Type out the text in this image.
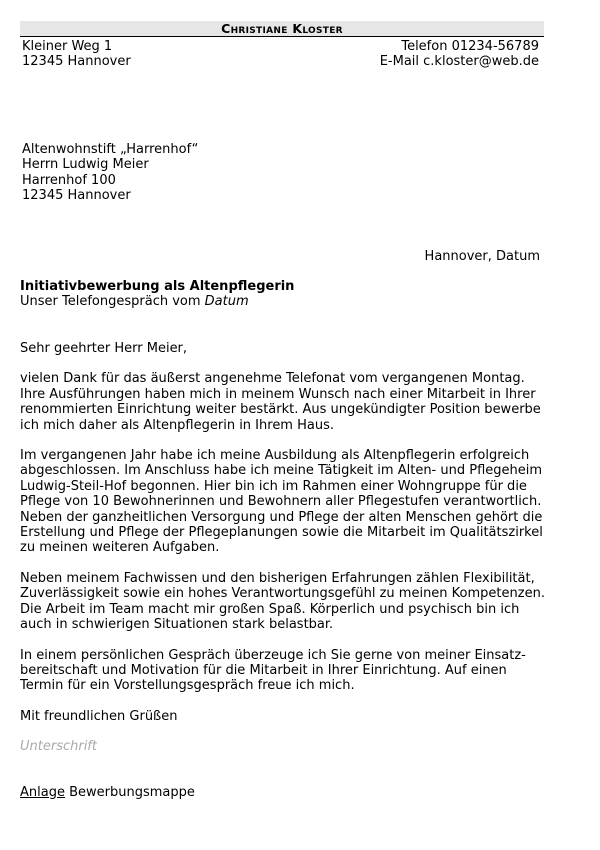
Christiane Kloster
Kleiner Weg 1
12345 Hannover
Telefon 01234-56789
E-Mail c.kloster@web.de
Altenwohnstift „Harrenhof“
Herrn Ludwig Meier
Harrenhof 100
12345 Hannover
Hannover, Datum
Initiativbewerbung als Altenpflegerin
Unser Telefongespräch vom Datum

Sehr geehrter Herr Meier,

vielen Dank für das äußerst angenehme Telefonat vom vergangenen Montag.
Ihre Ausführungen haben mich in meinem Wunsch nach einer Mitarbeit in Ihrer
renommierten Einrichtung weiter bestärkt. Aus ungekündigter Position bewerbe
ich mich daher als Altenpflegerin in Ihrem Haus.

Im vergangenen Jahr habe ich meine Ausbildung als Altenpflegerin erfolgreich
abgeschlossen. Im Anschluss habe ich meine Tätigkeit im Alten- und Pflegeheim
Ludwig-Steil-Hof begonnen. Hier bin ich im Rahmen einer Wohngruppe für die
Pflege von 10 Bewohnerinnen und Bewohnern aller Pflegestufen verantwortlich.
Neben der ganzheitlichen Versorgung und Pflege der alten Menschen gehört die
Erstellung und Pflege der Pflegeplanungen sowie die Mitarbeit im Qualitätszirkel
zu meinen weiteren Aufgaben.

Neben meinem Fachwissen und den bisherigen Erfahrungen zählen Flexibilität,
Zuverlässigkeit sowie ein hohes Verantwortungsgefühl zu meinen Kompetenzen.
Die Arbeit im Team macht mir großen Spaß. Körperlich und psychisch bin ich
auch in schwierigen Situationen stark belastbar.

In einem persönlichen Gespräch überzeuge ich Sie gerne von meiner Einsatz-
bereitschaft und Motivation für die Mitarbeit in Ihrer Einrichtung. Auf einen
Termin für ein Vorstellungsgespräch freue ich mich.

Mit freundlichen Grüßen

Unterschrift

Anlage Bewerbungsmappe
